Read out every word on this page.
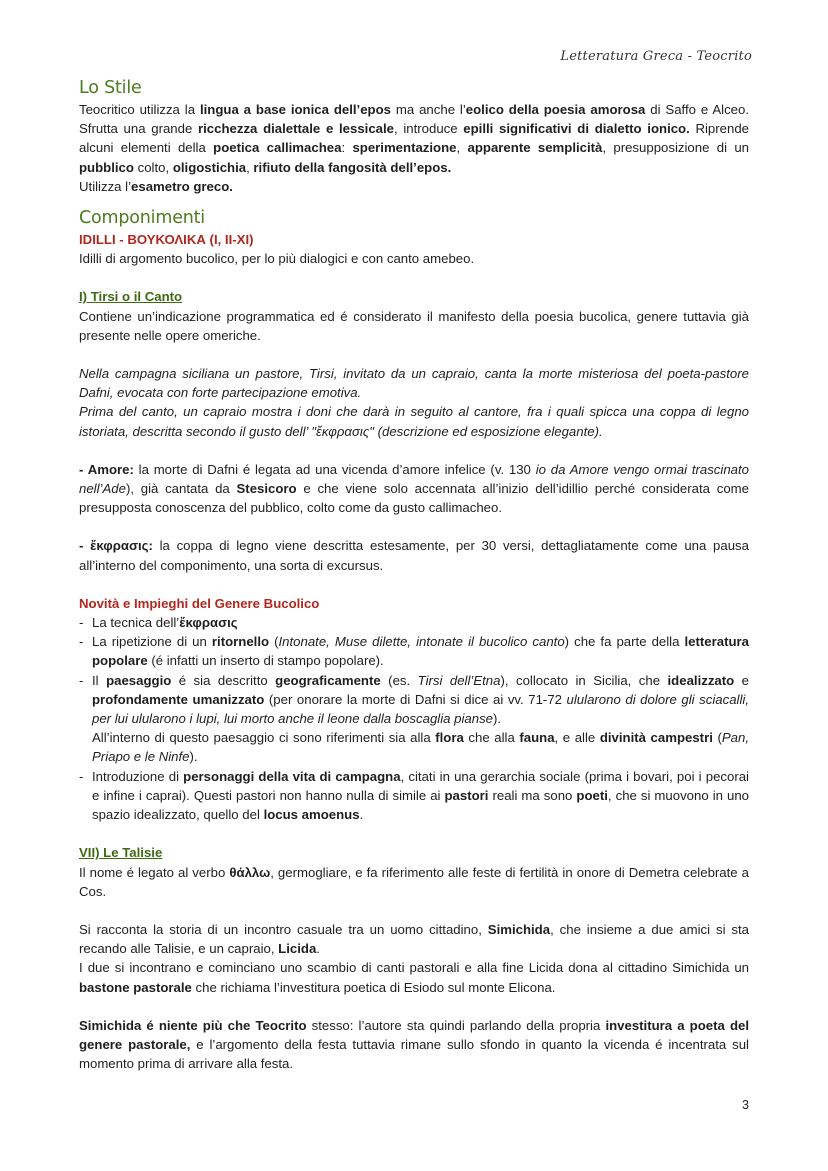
Letteratura Greca - Teocrito
Lo Stile

Teocritico utilizza la lingua a base ionica dell’epos ma anche l’eolico della poesia amorosa di Saffo e Alceo. Sfrutta una grande ricchezza dialettale e lessicale, introduce epilli significativi di dialetto ionico. Riprende alcuni elementi della poetica callimachea: sperimentazione, apparente semplicità, presupposizione di un pubblico colto, oligostichia, rifiuto della fangosità dell’epos.

Utilizza l’esametro greco.

Componimenti
IDILLI - ΒΟΥΚΟΛΙΚΑ (I, II-XI)

Idilli di argomento bucolico, per lo più dialogici e con canto amebeo.

I) Tirsi o il Canto

Contiene un’indicazione programmatica ed é considerato il manifesto della poesia bucolica, genere tuttavia già presente nelle opere omeriche.

Nella campagna siciliana un pastore, Tirsi, invitato da un capraio, canta la morte misteriosa del poeta-pastore Dafni, evocata con forte partecipazione emotiva.
Prima del canto, un capraio mostra i doni che darà in seguito al cantore, fra i quali spicca una coppa di legno istoriata, descritta secondo il gusto dell’ "ἔκφρασις" (descrizione ed esposizione elegante).

- Amore: la morte di Dafni é legata ad una vicenda d’amore infelice (v. 130 io da Amore vengo ormai trascinato nell’Ade), già cantata da Stesicoro e che viene solo accennata all’inizio dell’idillio perché considerata come presupposta conoscenza del pubblico, colto come da gusto callimacheo.

- ἔκφρασις: la coppa di legno viene descritta estesamente, per 30 versi, dettagliatamente come una pausa all’interno del componimento, una sorta di excursus.

Novità e Impieghi del Genere Bucolico
- La tecnica dell’ἔκφρασις
- La ripetizione di un ritornello (Intonate, Muse dilette, intonate il bucolico canto) che fa parte della letteratura popolare (é infatti un inserto di stampo popolare).
- Il paesaggio é sia descritto geograficamente (es. Tirsi dell’Etna), collocato in Sicilia, che idealizzato e profondamente umanizzato (per onorare la morte di Dafni si dice ai vv. 71-72 ulularono di dolore gli sciacalli, per lui ulularono i lupi, lui morto anche il leone dalla boscaglia pianse).
All’interno di questo paesaggio ci sono riferimenti sia alla flora che alla fauna, e alle divinità campestri (Pan, Priapo e le Ninfe).
- Introduzione di personaggi della vita di campagna, citati in una gerarchia sociale (prima i bovari, poi i pecorai e infine i caprai). Questi pastori non hanno nulla di simile ai pastori reali ma sono poeti, che si muovono in uno spazio idealizzato, quello del locus amoenus.
VII) Le Talisie

Il nome é legato al verbo θάλλω, germogliare, e fa riferimento alle feste di fertilità in onore di Demetra celebrate a Cos.

Si racconta la storia di un incontro casuale tra un uomo cittadino, Simichida, che insieme a due amici si sta recando alle Talisie, e un capraio, Licida.
I due si incontrano e cominciano uno scambio di canti pastorali e alla fine Licida dona al cittadino Simichida un bastone pastorale che richiama l’investitura poetica di Esiodo sul monte Elicona.

Simichida é niente più che Teocrito stesso: l’autore sta quindi parlando della propria investitura a poeta del genere pastorale, e l’argomento della festa tuttavia rimane sullo sfondo in quanto la vicenda é incentrata sul momento prima di arrivare alla festa.

3
